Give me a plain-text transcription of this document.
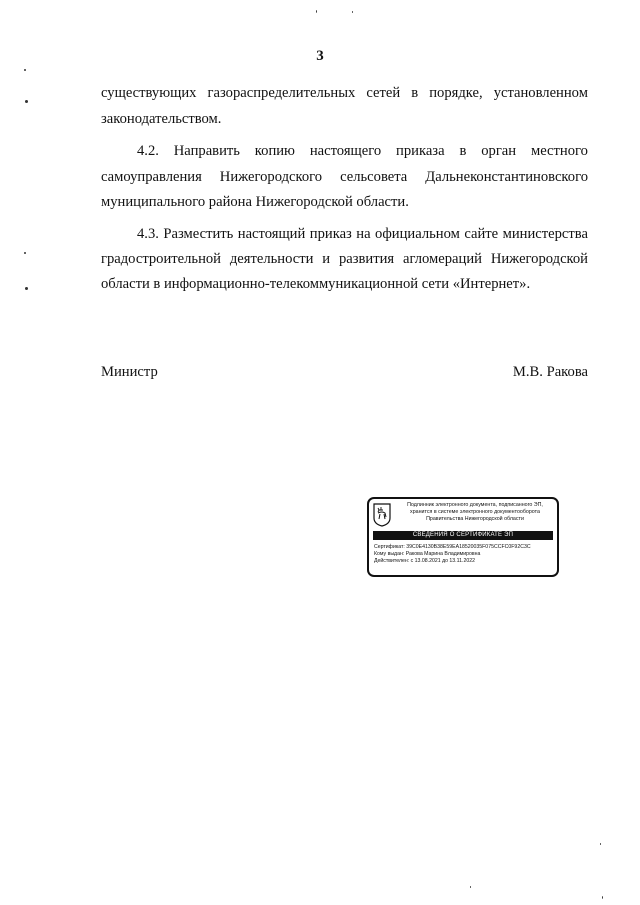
3
существующих газораспределительных сетей в порядке, установленном
законодательством.
4.2. Направить копию настоящего приказа в орган местного
самоуправления Нижегородского сельсовета Дальнеконстантиновского
муниципального района Нижегородской области.
4.3. Разместить настоящий приказ на официальном сайте министерства
градостроительной деятельности и развития агломераций Нижегородской
области в информационно-телекоммуникационной сети «Интернет».
Министр	М.В. Ракова
Подлинник электронного документа, подписанного ЭП,
хранится в системе электронного документооборота
Правительства Нижегородской области
СВЕДЕНИЯ О СЕРТИФИКАТЕ ЭП
Сертификат: 39C0E4130B38E59EA18520035F075CCFC0F92C3C
Кому выдан: Ракова Марина Владимировна
Действителен: с 13.08.2021 до 13.11.2022
